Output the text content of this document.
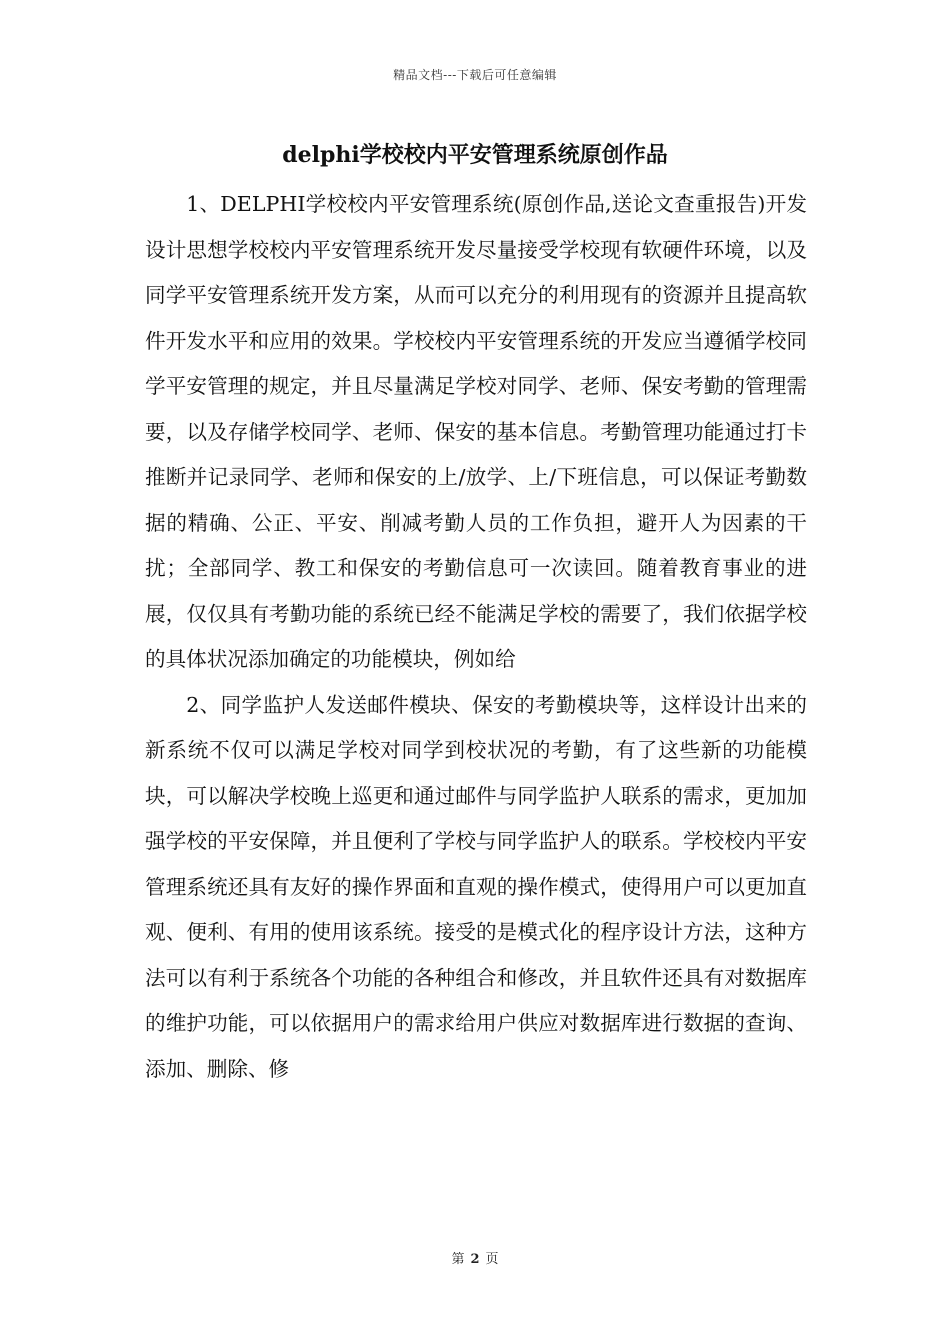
精品文档---下载后可任意编辑
delphi学校校内平安管理系统原创作品

1、DELPHI学校校内平安管理系统(原创作品,送论文查重报告)开发设计思想学校校内平安管理系统开发尽量接受学校现有软硬件环境，以及同学平安管理系统开发方案，从而可以充分的利用现有的资源并且提高软件开发水平和应用的效果。学校校内平安管理系统的开发应当遵循学校同学平安管理的规定，并且尽量满足学校对同学、老师、保安考勤的管理需要，以及存储学校同学、老师、保安的基本信息。考勤管理功能通过打卡推断并记录同学、老师和保安的上/放学、上/下班信息，可以保证考勤数据的精确、公正、平安、削减考勤人员的工作负担，避开人为因素的干扰；全部同学、教工和保安的考勤信息可一次读回。随着教育事业的进展，仅仅具有考勤功能的系统已经不能满足学校的需要了，我们依据学校的具体状况添加确定的功能模块，例如给

2、同学监护人发送邮件模块、保安的考勤模块等，这样设计出来的新系统不仅可以满足学校对同学到校状况的考勤，有了这些新的功能模块，可以解决学校晚上巡更和通过邮件与同学监护人联系的需求，更加加强学校的平安保障，并且便利了学校与同学监护人的联系。学校校内平安管理系统还具有友好的操作界面和直观的操作模式，使得用户可以更加直观、便利、有用的使用该系统。接受的是模式化的程序设计方法，这种方法可以有利于系统各个功能的各种组合和修改，并且软件还具有对数据库的维护功能，可以依据用户的需求给用户供应对数据库进行数据的查询、添加、删除、修

第 2 页
